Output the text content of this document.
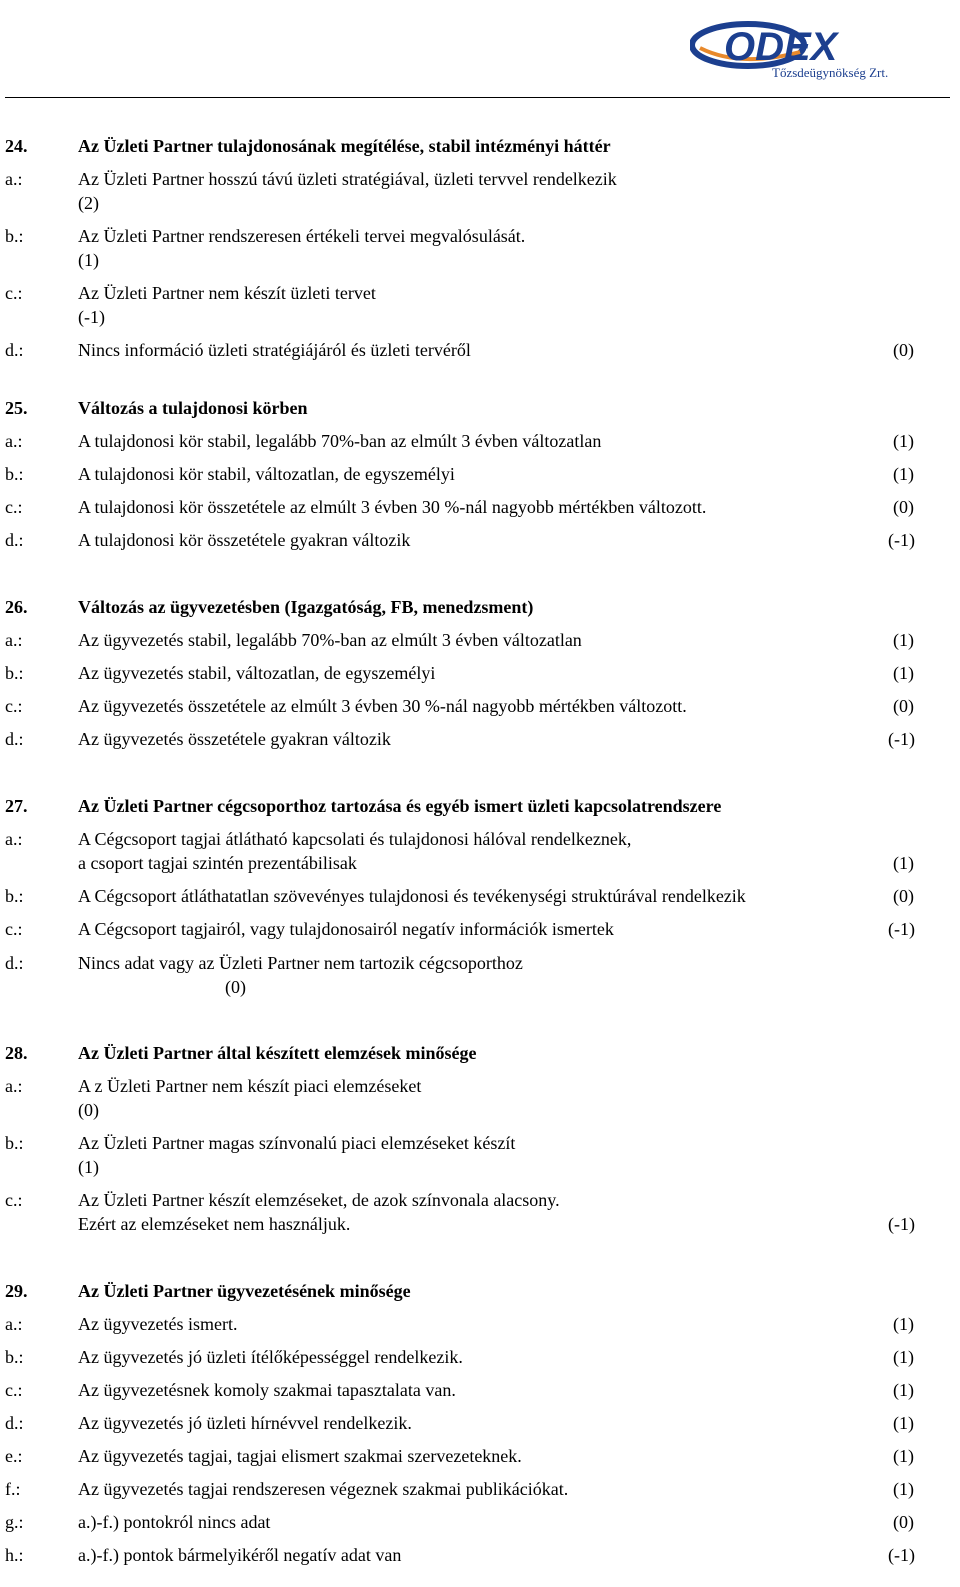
ODEX
Tőzsdeügynökség Zrt.
24.	Az Üzleti Partner tulajdonosának megítélése, stabil intézményi háttér
a.:	Az Üzleti Partner hosszú távú üzleti stratégiával, üzleti tervvel rendelkezik
(2)
b.:	Az Üzleti Partner rendszeresen értékeli tervei megvalósulását.
(1)
c.:	Az Üzleti Partner nem készít üzleti tervet
(-1)
d.:	Nincs információ üzleti stratégiájáról és üzleti tervéről	(0)
25.	Változás a tulajdonosi körben
a.:	A tulajdonosi kör stabil, legalább 70%-ban az elmúlt 3 évben változatlan	(1)
b.:	A tulajdonosi kör stabil, változatlan, de egyszemélyi	(1)
c.:	A tulajdonosi kör összetétele az elmúlt 3 évben 30 %-nál nagyobb mértékben változott.	(0)
d.:	A tulajdonosi kör összetétele gyakran változik	(-1)
26.	Változás az ügyvezetésben (Igazgatóság, FB, menedzsment)
a.:	Az ügyvezetés stabil, legalább 70%-ban az elmúlt 3 évben változatlan	(1)
b.:	Az ügyvezetés stabil, változatlan, de egyszemélyi	(1)
c.:	Az ügyvezetés összetétele az elmúlt 3 évben 30 %-nál nagyobb mértékben változott.	(0)
d.:	Az ügyvezetés összetétele gyakran változik	(-1)
27.	Az Üzleti Partner cégcsoporthoz tartozása és egyéb ismert üzleti kapcsolatrendszere
a.:	A Cégcsoport tagjai átlátható kapcsolati és tulajdonosi hálóval rendelkeznek,
a csoport tagjai szintén prezentábilisak	(1)
b.:	A Cégcsoport átláthatatlan szövevényes tulajdonosi és tevékenységi struktúrával rendelkezik	(0)
c.:	A Cégcsoport tagjairól, vagy tulajdonosairól negatív információk ismertek	(-1)
d.:	Nincs adat vagy az Üzleti Partner nem tartozik cégcsoporthoz
(0)
28.	Az Üzleti Partner által készített elemzések minősége
a.:	A z Üzleti Partner nem készít piaci elemzéseket
(0)
b.:	Az Üzleti Partner magas színvonalú piaci elemzéseket készít
(1)
c.:	Az Üzleti Partner készít elemzéseket, de azok színvonala alacsony.
Ezért az elemzéseket nem használjuk.	(-1)
29.	Az Üzleti Partner ügyvezetésének minősége
a.:	Az ügyvezetés ismert.	(1)
b.:	Az ügyvezetés jó üzleti ítélőképességgel rendelkezik.	(1)
c.:	Az ügyvezetésnek komoly szakmai tapasztalata van.	(1)
d.:	Az ügyvezetés jó üzleti hírnévvel rendelkezik.	(1)
e.:	Az ügyvezetés tagjai, tagjai elismert szakmai szervezeteknek.	(1)
f.:	Az ügyvezetés tagjai rendszeresen végeznek szakmai publikációkat.	(1)
g.:	a.)-f.) pontokról nincs adat	(0)
h.:	a.)-f.) pontok bármelyikéről negatív adat van	(-1)
